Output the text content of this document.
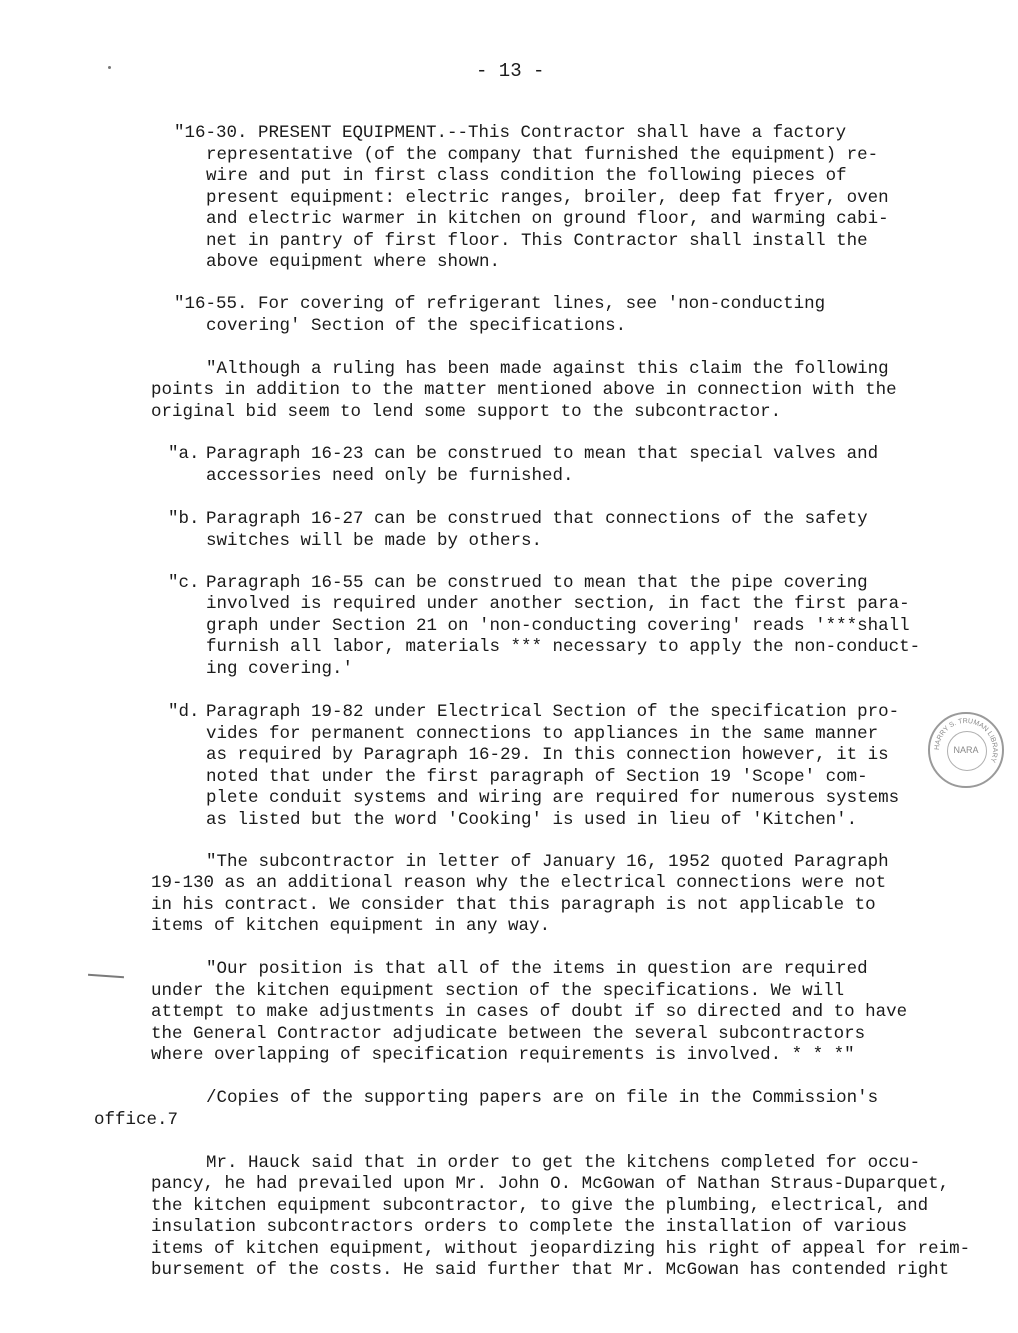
- 13 -
"16-30. PRESENT EQUIPMENT.--This Contractor shall have a factory
representative (of the company that furnished the equipment) re-
wire and put in first class condition the following pieces of
present equipment: electric ranges, broiler, deep fat fryer, oven
and electric warmer in kitchen on ground floor, and warming cabi-
net in pantry of first floor. This Contractor shall install the
above equipment where shown.
"16-55. For covering of refrigerant lines, see 'non-conducting
covering' Section of the specifications.
"Although a ruling has been made against this claim the following
points in addition to the matter mentioned above in connection with the
original bid seem to lend some support to the subcontractor.
"a. Paragraph 16-23 can be construed to mean that special valves and
accessories need only be furnished.
"b. Paragraph 16-27 can be construed that connections of the safety
switches will be made by others.
"c. Paragraph 16-55 can be construed to mean that the pipe covering
involved is required under another section, in fact the first para-
graph under Section 21 on 'non-conducting covering' reads '***shall
furnish all labor, materials *** necessary to apply the non-conduct-
ing covering.'
"d. Paragraph 19-82 under Electrical Section of the specification pro-
vides for permanent connections to appliances in the same manner
as required by Paragraph 16-29. In this connection however, it is
noted that under the first paragraph of Section 19 'Scope' com-
plete conduit systems and wiring are required for numerous systems
as listed but the word 'Cooking' is used in lieu of 'Kitchen'.
"The subcontractor in letter of January 16, 1952 quoted Paragraph
19-130 as an additional reason why the electrical connections were not
in his contract. We consider that this paragraph is not applicable to
items of kitchen equipment in any way.
"Our position is that all of the items in question are required
under the kitchen equipment section of the specifications. We will
attempt to make adjustments in cases of doubt if so directed and to have
the General Contractor adjudicate between the several subcontractors
where overlapping of specification requirements is involved. * * *"
/Copies of the supporting papers are on file in the Commission's
office.7
Mr. Hauck said that in order to get the kitchens completed for occu-
pancy, he had prevailed upon Mr. John O. McGowan of Nathan Straus-Duparquet,
the kitchen equipment subcontractor, to give the plumbing, electrical, and
insulation subcontractors orders to complete the installation of various
items of kitchen equipment, without jeopardizing his right of appeal for reim-
bursement of the costs. He said further that Mr. McGowan has contended right
HARRY S. TRUMAN LIBRARY
NARA
